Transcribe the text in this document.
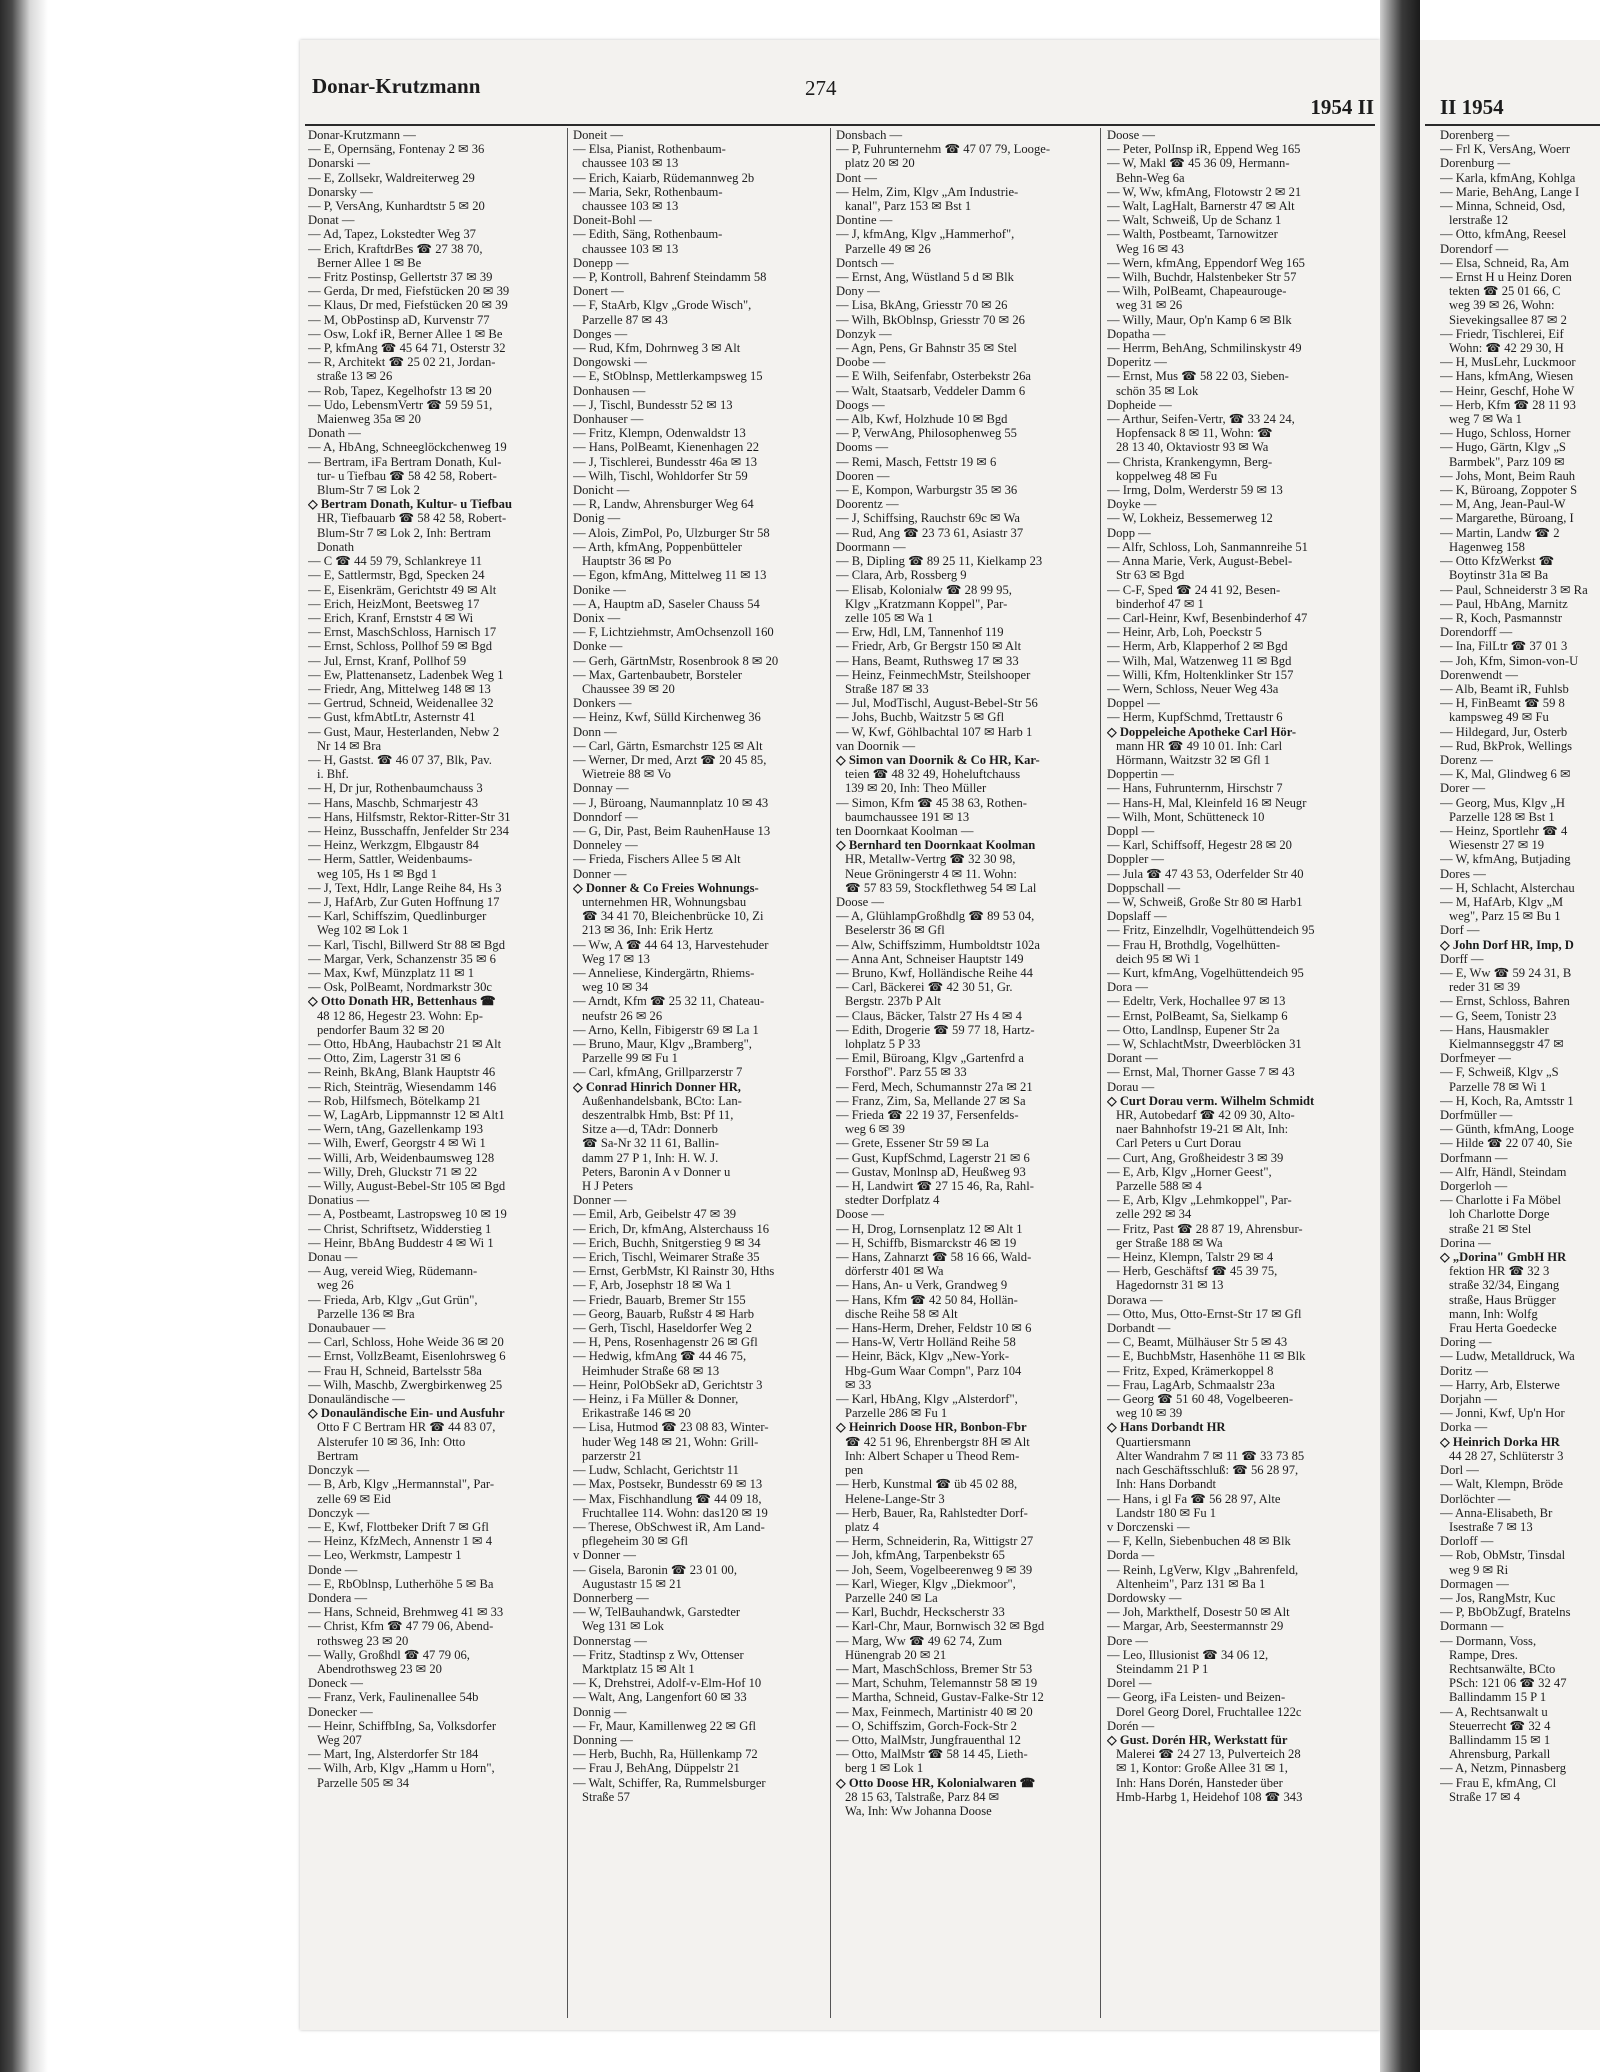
Donar-Krutzmann	274
1954 II	II 1954
Donar-Krutzmann —
— E, Opernsäng, Fontenay 2 ✉ 36
Donarski —
— E, Zollsekr, Waldreiterweg 29
Donarsky —
— P, VersAng, Kunhardtstr 5 ✉ 20
Donat —
— Ad, Tapez, Lokstedter Weg 37
— Erich, KraftdrBes ☎ 27 38 70,
Berner Allee 1 ✉ Be
— Fritz Postinsp, Gellertstr 37 ✉ 39
— Gerda, Dr med, Fiefstücken 20 ✉ 39
— Klaus, Dr med, Fiefstücken 20 ✉ 39
— M, ObPostinsp aD, Kurvenstr 77
— Osw, Lokf iR, Berner Allee 1 ✉ Be
— P, kfmAng ☎ 45 64 71, Osterstr 32
— R, Architekt ☎ 25 02 21, Jordan-
straße 13 ✉ 26
— Rob, Tapez, Kegelhofstr 13 ✉ 20
— Udo, LebensmVertr ☎ 59 59 51,
Maienweg 35a ✉ 20
Donath —
— A, HbAng, Schneeglöckchenweg 19
— Bertram, iFa Bertram Donath, Kul-
tur- u Tiefbau ☎ 58 42 58, Robert-
Blum-Str 7 ✉ Lok 2
◇ Bertram Donath, Kultur- u Tiefbau
HR, Tiefbauarb ☎ 58 42 58, Robert-
Blum-Str 7 ✉ Lok 2, Inh: Bertram
Donath
— C ☎ 44 59 79, Schlankreye 11
— E, Sattlermstr, Bgd, Specken 24
— E, Eisenkräm, Gerichtstr 49 ✉ Alt
— Erich, HeizMont, Beetsweg 17
— Erich, Kranf, Ernststr 4 ✉ Wi
— Ernst, MaschSchloss, Harnisch 17
— Ernst, Schloss, Pollhof 59 ✉ Bgd
— Jul, Ernst, Kranf, Pollhof 59
— Ew, Plattenansetz, Ladenbek Weg 1
— Friedr, Ang, Mittelweg 148 ✉ 13
— Gertrud, Schneid, Weidenallee 32
— Gust, kfmAbtLtr, Asternstr 41
— Gust, Maur, Hesterlanden, Nebw 2
Nr 14 ✉ Bra
— H, Gastst. ☎ 46 07 37, Blk, Pav.
i. Bhf.
— H, Dr jur, Rothenbaumchauss 3
— Hans, Maschb, Schmarjestr 43
— Hans, Hilfsmstr, Rektor-Ritter-Str 31
— Heinz, Busschaffn, Jenfelder Str 234
— Heinz, Werkzgm, Elbgaustr 84
— Herm, Sattler, Weidenbaums-
weg 105, Hs 1 ✉ Bgd 1
— J, Text, Hdlr, Lange Reihe 84, Hs 3
— J, HafArb, Zur Guten Hoffnung 17
— Karl, Schiffszim, Quedlinburger
Weg 102 ✉ Lok 1
— Karl, Tischl, Billwerd Str 88 ✉ Bgd
— Margar, Verk, Schanzenstr 35 ✉ 6
— Max, Kwf, Münzplatz 11 ✉ 1
— Osk, PolBeamt, Nordmarkstr 30c
◇ Otto Donath HR, Bettenhaus ☎
48 12 86, Hegestr 23. Wohn: Ep-
pendorfer Baum 32 ✉ 20
— Otto, HbAng, Haubachstr 21 ✉ Alt
— Otto, Zim, Lagerstr 31 ✉ 6
— Reinh, BkAng, Blank Hauptstr 46
— Rich, Steinträg, Wiesendamm 146
— Rob, Hilfsmech, Bötelkamp 21
— W, LagArb, Lippmannstr 12 ✉ Alt1
— Wern, tAng, Gazellenkamp 193
— Wilh, Ewerf, Georgstr 4 ✉ Wi 1
— Willi, Arb, Weidenbaumsweg 128
— Willy, Dreh, Gluckstr 71 ✉ 22
— Willy, August-Bebel-Str 105 ✉ Bgd
Donatius —
— A, Postbeamt, Lastropsweg 10 ✉ 19
— Christ, Schriftsetz, Widderstieg 1
— Heinr, BbAng Buddestr 4 ✉ Wi 1
Donau —
— Aug, vereid Wieg, Rüdemann-
weg 26
— Frieda, Arb, Klgv „Gut Grün",
Parzelle 136 ✉ Bra
Donaubauer —
— Carl, Schloss, Hohe Weide 36 ✉ 20
— Ernst, VollzBeamt, Eisenlohrsweg 6
— Frau H, Schneid, Bartelsstr 58a
— Wilh, Maschb, Zwergbirkenweg 25
Donauländische —
◇ Donauländische Ein- und Ausfuhr
Otto F C Bertram HR ☎ 44 83 07,
Alsterufer 10 ✉ 36, Inh: Otto
Bertram
Donczyk —
— B, Arb, Klgv „Hermannstal", Par-
zelle 69 ✉ Eid
Donczyk —
— E, Kwf, Flottbeker Drift 7 ✉ Gfl
— Heinz, KfzMech, Annenstr 1 ✉ 4
— Leo, Werkmstr, Lampestr 1
Donde —
— E, RbOblnsp, Lutherhöhe 5 ✉ Ba
Dondera —
— Hans, Schneid, Brehmweg 41 ✉ 33
— Christ, Kfm ☎ 47 79 06, Abend-
rothsweg 23 ✉ 20
— Wally, Großhdl ☎ 47 79 06,
Abendrothsweg 23 ✉ 20
Doneck —
— Franz, Verk, Faulinenallee 54b
Donecker —
— Heinr, SchiffbIng, Sa, Volksdorfer
Weg 207
— Mart, Ing, Alsterdorfer Str 184
— Wilh, Arb, Klgv „Hamm u Horn",
Parzelle 505 ✉ 34
Doneit —
— Elsa, Pianist, Rothenbaum-
chaussee 103 ✉ 13
— Erich, Kaiarb, Rüdemannweg 2b
— Maria, Sekr, Rothenbaum-
chaussee 103 ✉ 13
Doneit-Bohl —
— Edith, Säng, Rothenbaum-
chaussee 103 ✉ 13
Donepp —
— P, Kontroll, Bahrenf Steindamm 58
Donert —
— F, StaArb, Klgv „Grode Wisch",
Parzelle 87 ✉ 43
Donges —
— Rud, Kfm, Dohrnweg 3 ✉ Alt
Dongowski —
— E, StOblnsp, Mettlerkampsweg 15
Donhausen —
— J, Tischl, Bundesstr 52 ✉ 13
Donhauser —
— Fritz, Klempn, Odenwaldstr 13
— Hans, PolBeamt, Kienenhagen 22
— J, Tischlerei, Bundesstr 46a ✉ 13
— Wilh, Tischl, Wohldorfer Str 59
Donicht —
— R, Landw, Ahrensburger Weg 64
Donig —
— Alois, ZimPol, Po, Ulzburger Str 58
— Arth, kfmAng, Poppenbütteler
Hauptstr 36 ✉ Po
— Egon, kfmAng, Mittelweg 11 ✉ 13
Donike —
— A, Hauptm aD, Saseler Chauss 54
Donix —
— F, Lichtziehmstr, AmOchsenzoll 160
Donke —
— Gerh, GärtnMstr, Rosenbrook 8 ✉ 20
— Max, Gartenbaubetr, Borsteler
Chaussee 39 ✉ 20
Donkers —
— Heinz, Kwf, Sülld Kirchenweg 36
Donn —
— Carl, Gärtn, Esmarchstr 125 ✉ Alt
— Werner, Dr med, Arzt ☎ 20 45 85,
Wietreie 88 ✉ Vo
Donnay —
— J, Büroang, Naumannplatz 10 ✉ 43
Donndorf —
— G, Dir, Past, Beim RauhenHause 13
Donneley —
— Frieda, Fischers Allee 5 ✉ Alt
Donner —
◇ Donner & Co Freies Wohnungs-
unternehmen HR, Wohnungsbau
☎ 34 41 70, Bleichenbrücke 10, Zi
213 ✉ 36, Inh: Erik Hertz
— Ww, A ☎ 44 64 13, Harvestehuder
Weg 17 ✉ 13
— Anneliese, Kindergärtn, Rhiems-
weg 10 ✉ 34
— Arndt, Kfm ☎ 25 32 11, Chateau-
neufstr 26 ✉ 26
— Arno, Kelln, Fibigerstr 69 ✉ La 1
— Bruno, Maur, Klgv „Bramberg",
Parzelle 99 ✉ Fu 1
— Carl, kfmAng, Grillparzerstr 7
◇ Conrad Hinrich Donner HR,
Außenhandelsbank, BCto: Lan-
deszentralbk Hmb, Bst: Pf 11,
Sitze a—d, TAdr: Donnerb
☎ Sa-Nr 32 11 61, Ballin-
damm 27 P 1, Inh: H. W. J.
Peters, Baronin A v Donner u
H J Peters
Donner —
— Emil, Arb, Geibelstr 47 ✉ 39
— Erich, Dr, kfmAng, Alsterchauss 16
— Erich, Buchh, Snitgerstieg 9 ✉ 34
— Erich, Tischl, Weimarer Straße 35
— Ernst, GerbMstr, Kl Rainstr 30, Hths
— F, Arb, Josephstr 18 ✉ Wa 1
— Friedr, Bauarb, Bremer Str 155
— Georg, Bauarb, Rußstr 4 ✉ Harb
— Gerh, Tischl, Haseldorfer Weg 2
— H, Pens, Rosenhagenstr 26 ✉ Gfl
— Hedwig, kfmAng ☎ 44 46 75,
Heimhuder Straße 68 ✉ 13
— Heinr, PolObSekr aD, Gerichtstr 3
— Heinz, i Fa Müller & Donner,
Erikastraße 146 ✉ 20
— Lisa, Hutmod ☎ 23 08 83, Winter-
huder Weg 148 ✉ 21, Wohn: Grill-
parzerstr 21
— Ludw, Schlacht, Gerichtstr 11
— Max, Postsekr, Bundesstr 69 ✉ 13
— Max, Fischhandlung ☎ 44 09 18,
Fruchtallee 114. Wohn: das120 ✉ 19
— Therese, ObSchwest iR, Am Land-
pflegeheim 30 ✉ Gfl
v Donner —
— Gisela, Baronin ☎ 23 01 00,
Augustastr 15 ✉ 21
Donnerberg —
— W, TelBauhandwk, Garstedter
Weg 131 ✉ Lok
Donnerstag —
— Fritz, Stadtinsp z Wv, Ottenser
Marktplatz 15 ✉ Alt 1
— K, Drehstrei, Adolf-v-Elm-Hof 10
— Walt, Ang, Langenfort 60 ✉ 33
Donnig —
— Fr, Maur, Kamillenweg 22 ✉ Gfl
Donning —
— Herb, Buchh, Ra, Hüllenkamp 72
— Frau J, BehAng, Düppelstr 21
— Walt, Schiffer, Ra, Rummelsburger
Straße 57
Donsbach —
— P, Fuhrunternehm ☎ 47 07 79, Looge-
platz 20 ✉ 20
Dont —
— Helm, Zim, Klgv „Am Industrie-
kanal", Parz 153 ✉ Bst 1
Dontine —
— J, kfmAng, Klgv „Hammerhof",
Parzelle 49 ✉ 26
Dontsch —
— Ernst, Ang, Wüstland 5 d ✉ Blk
Dony —
— Lisa, BkAng, Griesstr 70 ✉ 26
— Wilh, BkOblnsp, Griesstr 70 ✉ 26
Donzyk —
— Agn, Pens, Gr Bahnstr 35 ✉ Stel
Doobe —
— E Wilh, Seifenfabr, Osterbekstr 26a
— Walt, Staatsarb, Veddeler Damm 6
Doogs —
— Alb, Kwf, Holzhude 10 ✉ Bgd
— P, VerwAng, Philosophenweg 55
Dooms —
— Remi, Masch, Fettstr 19 ✉ 6
Dooren —
— E, Kompon, Warburgstr 35 ✉ 36
Doorentz —
— J, Schiffsing, Rauchstr 69c ✉ Wa
— Rud, Ang ☎ 23 73 61, Asiastr 37
Doormann —
— B, Dipling ☎ 89 25 11, Kielkamp 23
— Clara, Arb, Rossberg 9
— Elisab, Kolonialw ☎ 28 99 95,
Klgv „Kratzmann Koppel", Par-
zelle 105 ✉ Wa 1
— Erw, Hdl, LM, Tannenhof 119
— Friedr, Arb, Gr Bergstr 150 ✉ Alt
— Hans, Beamt, Ruthsweg 17 ✉ 33
— Heinz, FeinmechMstr, Steilshooper
Straße 187 ✉ 33
— Jul, ModTischl, August-Bebel-Str 56
— Johs, Buchb, Waitzstr 5 ✉ Gfl
— W, Kwf, Göhlbachtal 107 ✉ Harb 1
van Doornik —
◇ Simon van Doornik & Co HR, Kar-
teien ☎ 48 32 49, Hoheluftchauss
139 ✉ 20, Inh: Theo Müller
— Simon, Kfm ☎ 45 38 63, Rothen-
baumchaussee 191 ✉ 13
ten Doornkaat Koolman —
◇ Bernhard ten Doornkaat Koolman
HR, Metallw-Vertrg ☎ 32 30 98,
Neue Gröningerstr 4 ✉ 11. Wohn:
☎ 57 83 59, Stockflethweg 54 ✉ Lal
Doose —
— A, GlühlampGroßhdlg ☎ 89 53 04,
Beselerstr 36 ✉ Gfl
— Alw, Schiffszimm, Humboldtstr 102a
— Anna Ant, Schneiser Hauptstr 149
— Bruno, Kwf, Holländische Reihe 44
— Carl, Bäckerei ☎ 42 30 51, Gr.
Bergstr. 237b P Alt
— Claus, Bäcker, Talstr 27 Hs 4 ✉ 4
— Edith, Drogerie ☎ 59 77 18, Hartz-
lohplatz 5 P 33
— Emil, Büroang, Klgv „Gartenfrd a
Forsthof". Parz 55 ✉ 33
— Ferd, Mech, Schumannstr 27a ✉ 21
— Franz, Zim, Sa, Mellande 27 ✉ Sa
— Frieda ☎ 22 19 37, Fersenfelds-
weg 6 ✉ 39
— Grete, Essener Str 59 ✉ La
— Gust, KupfSchmd, Lagerstr 21 ✉ 6
— Gustav, Monlnsp aD, Heußweg 93
— H, Landwirt ☎ 27 15 46, Ra, Rahl-
stedter Dorfplatz 4
Doose —
— H, Drog, Lornsenplatz 12 ✉ Alt 1
— H, Schiffb, Bismarckstr 46 ✉ 19
— Hans, Zahnarzt ☎ 58 16 66, Wald-
dörferstr 401 ✉ Wa
— Hans, An- u Verk, Grandweg 9
— Hans, Kfm ☎ 42 50 84, Hollän-
dische Reihe 58 ✉ Alt
— Hans-Herm, Dreher, Feldstr 10 ✉ 6
— Hans-W, Vertr Holländ Reihe 58
— Heinr, Bäck, Klgv „New-York-
Hbg-Gum Waar Compn", Parz 104
✉ 33
— Karl, HbAng, Klgv „Alsterdorf",
Parzelle 286 ✉ Fu 1
◇ Heinrich Doose HR, Bonbon-Fbr
☎ 42 51 96, Ehrenbergstr 8H ✉ Alt
Inh: Albert Schaper u Theod Rem-
pen
— Herb, Kunstmal ☎ üb 45 02 88,
Helene-Lange-Str 3
— Herb, Bauer, Ra, Rahlstedter Dorf-
platz 4
— Herm, Schneiderin, Ra, Wittigstr 27
— Joh, kfmAng, Tarpenbekstr 65
— Joh, Seem, Vogelbeerenweg 9 ✉ 39
— Karl, Wieger, Klgv „Diekmoor",
Parzelle 240 ✉ La
— Karl, Buchdr, Heckscherstr 33
— Karl-Chr, Maur, Bornwisch 32 ✉ Bgd
— Marg, Ww ☎ 49 62 74, Zum
Hünengrab 20 ✉ 21
— Mart, MaschSchloss, Bremer Str 53
— Mart, Schuhm, Telemannstr 58 ✉ 19
— Martha, Schneid, Gustav-Falke-Str 12
— Max, Feinmech, Martinistr 40 ✉ 20
— O, Schiffszim, Gorch-Fock-Str 2
— Otto, MalMstr, Jungfrauenthal 12
— Otto, MalMstr ☎ 58 14 45, Lieth-
berg 1 ✉ Lok 1
◇ Otto Doose HR, Kolonialwaren ☎
28 15 63, Talstraße, Parz 84 ✉
Wa, Inh: Ww Johanna Doose
Doose —
— Peter, PolInsp iR, Eppend Weg 165
— W, Makl ☎ 45 36 09, Hermann-
Behn-Weg 6a
— W, Ww, kfmAng, Flotowstr 2 ✉ 21
— Walt, LagHalt, Barnerstr 47 ✉ Alt
— Walt, Schweiß, Up de Schanz 1
— Walth, Postbeamt, Tarnowitzer
Weg 16 ✉ 43
— Wern, kfmAng, Eppendorf Weg 165
— Wilh, Buchdr, Halstenbeker Str 57
— Wilh, PolBeamt, Chapeaurouge-
weg 31 ✉ 26
— Willy, Maur, Op'n Kamp 6 ✉ Blk
Dopatha —
— Herrm, BehAng, Schmilinskystr 49
Doperitz —
— Ernst, Mus ☎ 58 22 03, Sieben-
schön 35 ✉ Lok
Dopheide —
— Arthur, Seifen-Vertr, ☎ 33 24 24,
Hopfensack 8 ✉ 11, Wohn: ☎
28 13 40, Oktaviostr 93 ✉ Wa
— Christa, Krankengymn, Berg-
koppelweg 48 ✉ Fu
— Irmg, Dolm, Werderstr 59 ✉ 13
Doyke —
— W, Lokheiz, Bessemerweg 12
Dopp —
— Alfr, Schloss, Loh, Sanmannreihe 51
— Anna Marie, Verk, August-Bebel-
Str 63 ✉ Bgd
— C-F, Sped ☎ 24 41 92, Besen-
binderhof 47 ✉ 1
— Carl-Heinr, Kwf, Besenbinderhof 47
— Heinr, Arb, Loh, Poeckstr 5
— Herm, Arb, Klapperhof 2 ✉ Bgd
— Wilh, Mal, Watzenweg 11 ✉ Bgd
— Willi, Kfm, Holtenklinker Str 157
— Wern, Schloss, Neuer Weg 43a
Doppel —
— Herm, KupfSchmd, Trettaustr 6
◇ Doppeleiche Apotheke Carl Hör-
mann HR ☎ 49 10 01. Inh: Carl
Hörmann, Waitzstr 32 ✉ Gfl 1
Doppertin —
— Hans, Fuhrunternm, Hirschstr 7
— Hans-H, Mal, Kleinfeld 16 ✉ Neugr
— Wilh, Mont, Schütteneck 10
Doppl —
— Karl, Schiffsoff, Hegestr 28 ✉ 20
Doppler —
— Jula ☎ 47 43 53, Oderfelder Str 40
Doppschall —
— W, Schweiß, Große Str 80 ✉ Harb1
Dopslaff —
— Fritz, Einzelhdlr, Vogelhüttendeich 95
— Frau H, Brothdlg, Vogelhütten-
deich 95 ✉ Wi 1
— Kurt, kfmAng, Vogelhüttendeich 95
Dora —
— Edeltr, Verk, Hochallee 97 ✉ 13
— Ernst, PolBeamt, Sa, Sielkamp 6
— Otto, Landlnsp, Eupener Str 2a
— W, SchlachtMstr, Dweerblöcken 31
Dorant —
— Ernst, Mal, Thorner Gasse 7 ✉ 43
Dorau —
◇ Curt Dorau verm. Wilhelm Schmidt
HR, Autobedarf ☎ 42 09 30, Alto-
naer Bahnhofstr 19-21 ✉ Alt, Inh:
Carl Peters u Curt Dorau
— Curt, Ang, Großheidestr 3 ✉ 39
— E, Arb, Klgv „Horner Geest",
Parzelle 588 ✉ 4
— E, Arb, Klgv „Lehmkoppel", Par-
zelle 292 ✉ 34
— Fritz, Past ☎ 28 87 19, Ahrensbur-
ger Straße 188 ✉ Wa
— Heinz, Klempn, Talstr 29 ✉ 4
— Herb, Geschäftsf ☎ 45 39 75,
Hagedornstr 31 ✉ 13
Dorawa —
— Otto, Mus, Otto-Ernst-Str 17 ✉ Gfl
Dorbandt —
— C, Beamt, Mülhäuser Str 5 ✉ 43
— E, BuchbMstr, Hasenhöhe 11 ✉ Blk
— Fritz, Exped, Krämerkoppel 8
— Frau, LagArb, Schmaalstr 23a
— Georg ☎ 51 60 48, Vogelbeeren-
weg 10 ✉ 39
◇ Hans Dorbandt HR
Quartiersmann
Alter Wandrahm 7 ✉ 11 ☎ 33 73 85
nach Geschäftsschluß: ☎ 56 28 97,
Inh: Hans Dorbandt
— Hans, i gl Fa ☎ 56 28 97, Alte
Landstr 180 ✉ Fu 1
v Dorczenski —
— F, Kelln, Siebenbuchen 48 ✉ Blk
Dorda —
— Reinh, LgVerw, Klgv „Bahrenfeld,
Altenheim", Parz 131 ✉ Ba 1
Dordowsky —
— Joh, Markthelf, Dosestr 50 ✉ Alt
— Margar, Arb, Seestermannstr 29
Dore —
— Leo, Illusionist ☎ 34 06 12,
Steindamm 21 P 1
Dorel —
— Georg, iFa Leisten- und Beizen-
Dorel Georg Dorel, Fruchtallee 122c
Dorén —
◇ Gust. Dorén HR, Werkstatt für
Malerei ☎ 24 27 13, Pulverteich 28
✉ 1, Kontor: Große Allee 31 ✉ 1,
Inh: Hans Dorén, Hansteder über
Hmb-Harbg 1, Heidehof 108 ☎ 343
Dorenberg —
— Frl K, VersAng, Woerr
Dorenburg —
— Karla, kfmAng, Kohlga
— Marie, BehAng, Lange I
— Minna, Schneid, Osd,
lerstraße 12
— Otto, kfmAng, Reesel
Dorendorf —
— Elsa, Schneid, Ra, Am
— Ernst H u Heinz Doren
tekten ☎ 25 01 66, C
weg 39 ✉ 26, Wohn:
Sievekingsallee 87 ✉ 2
— Friedr, Tischlerei, Eif
Wohn: ☎ 42 29 30, H
— H, MusLehr, Luckmoor
— Hans, kfmAng, Wiesen
— Heinr, Geschf, Hohe W
— Herb, Kfm ☎ 28 11 93
weg 7 ✉ Wa 1
— Hugo, Schloss, Horner
— Hugo, Gärtn, Klgv „S
Barmbek", Parz 109 ✉
— Johs, Mont, Beim Rauh
— K, Büroang, Zoppoter S
— M, Ang, Jean-Paul-W
— Margarethe, Büroang, I
— Martin, Landw ☎ 2
Hagenweg 158
— Otto KfzWerkst ☎
Boytinstr 31a ✉ Ba
— Paul, Schneiderstr 3 ✉ Ra
— Paul, HbAng, Marnitz
— R, Koch, Pasmannstr
Dorendorff —
— Ina, FilLtr ☎ 37 01 3
— Joh, Kfm, Simon-von-U
Dorenwendt —
— Alb, Beamt iR, Fuhlsb
— H, FinBeamt ☎ 59 8
kampsweg 49 ✉ Fu
— Hildegard, Jur, Osterb
— Rud, BkProk, Wellings
Dorenz —
— K, Mal, Glindweg 6 ✉
Dorer —
— Georg, Mus, Klgv „H
Parzelle 128 ✉ Bst 1
— Heinz, Sportlehr ☎ 4
Wiesenstr 27 ✉ 19
— W, kfmAng, Butjading
Dores —
— H, Schlacht, Alsterchau
— M, HafArb, Klgv „M
weg", Parz 15 ✉ Bu 1
Dorf —
◇ John Dorf HR, Imp, D
Dorff —
— E, Ww ☎ 59 24 31, B
reder 31 ✉ 39
— Ernst, Schloss, Bahren
— G, Seem, Tonistr 23
— Hans, Hausmakler
Kielmannseggstr 47 ✉
Dorfmeyer —
— F, Schweiß, Klgv „S
Parzelle 78 ✉ Wi 1
— H, Koch, Ra, Amtsstr 1
Dorfmüller —
— Günth, kfmAng, Looge
— Hilde ☎ 22 07 40, Sie
Dorfmann —
— Alfr, Händl, Steindam
Dorgerloh —
— Charlotte i Fa Möbel
loh Charlotte Dorge
straße 21 ✉ Stel
Dorina —
◇ „Dorina" GmbH HR
fektion HR ☎ 32 3
straße 32/34, Eingang
straße, Haus Brügger
mann, Inh: Wolfg
Frau Herta Goedecke
Doring —
— Ludw, Metalldruck, Wa
Doritz —
— Harry, Arb, Elsterwe
Dorjahn —
— Jonni, Kwf, Up'n Hor
Dorka —
◇ Heinrich Dorka HR
44 28 27, Schlüterstr 3
Dorl —
— Walt, Klempn, Bröde
Dorlöchter —
— Anna-Elisabeth, Br
Isestraße 7 ✉ 13
Dorloff —
— Rob, ObMstr, Tinsdal
weg 9 ✉ Ri
Dormagen —
— Jos, RangMstr, Kuc
— P, BbObZugf, Bratelns
Dormann —
— Dormann, Voss,
Rampe, Dres.
Rechtsanwälte, BCto
PSch: 121 06 ☎ 32 47
Ballindamm 15 P 1
— A, Rechtsanwalt u
Steuerrecht ☎ 32 4
Ballindamm 15 ✉ 1
Ahrensburg, Parkall
— A, Netzm, Pinnasberg
— Frau E, kfmAng, Cl
Straße 17 ✉ 4
